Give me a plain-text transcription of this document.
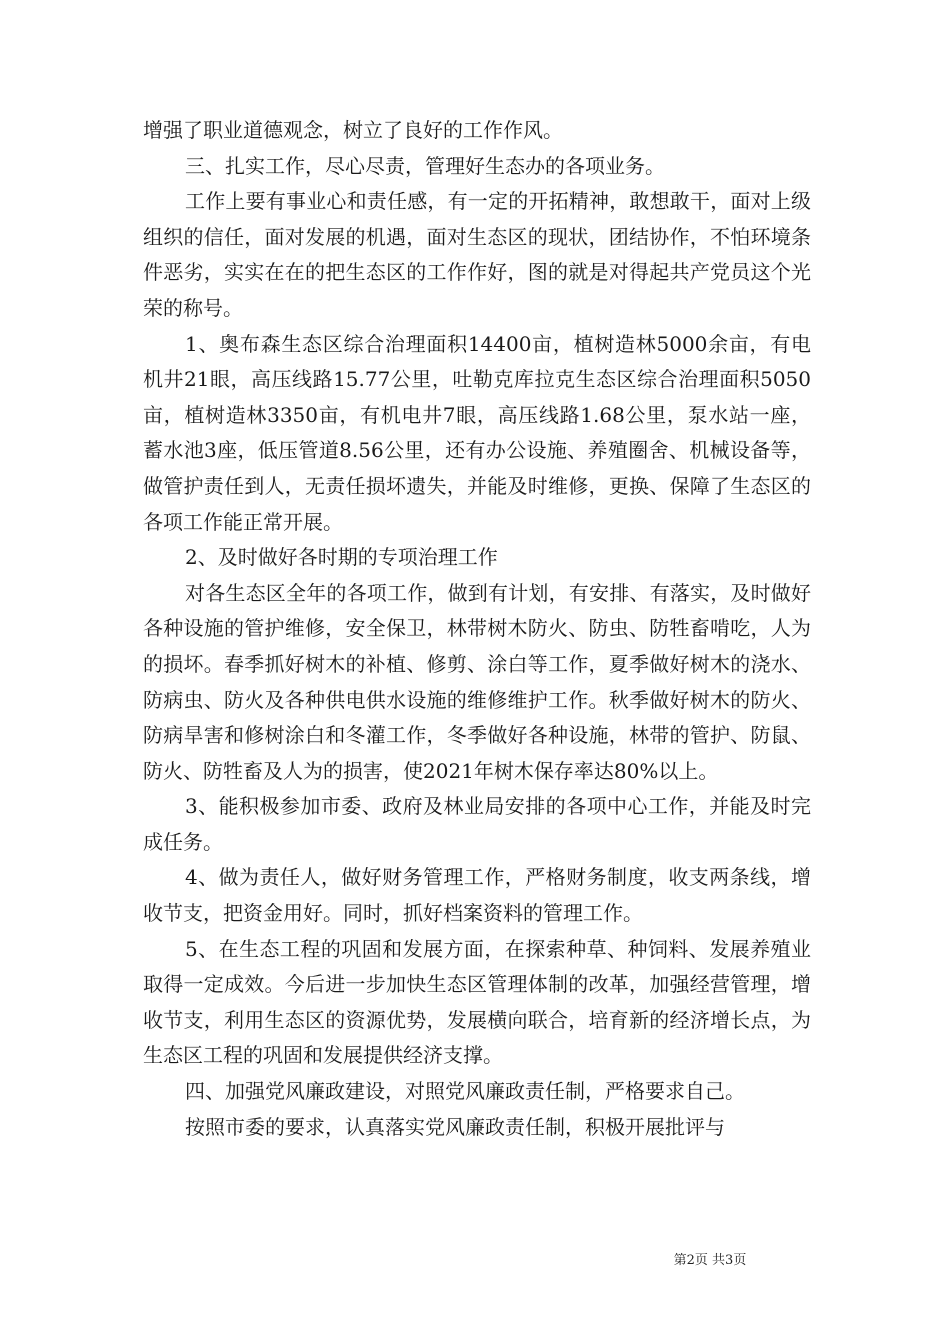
增强了职业道德观念，树立了良好的工作作风。

三、扎实工作，尽心尽责，管理好生态办的各项业务。

工作上要有事业心和责任感，有一定的开拓精神，敢想敢干，面对上级组织的信任，面对发展的机遇，面对生态区的现状，团结协作，不怕环境条件恶劣，实实在在的把生态区的工作作好，图的就是对得起共产党员这个光荣的称号。

1、奥布森生态区综合治理面积14400亩，植树造林5000余亩，有电机井21眼，高压线路15.77公里，吐勒克库拉克生态区综合治理面积5050亩，植树造林3350亩，有机电井7眼，高压线路1.68公里，泵水站一座，蓄水池3座，低压管道8.56公里，还有办公设施、养殖圈舍、机械设备等，做管护责任到人，无责任损坏遗失，并能及时维修，更换、保障了生态区的各项工作能正常开展。

2、及时做好各时期的专项治理工作

对各生态区全年的各项工作，做到有计划，有安排、有落实，及时做好各种设施的管护维修，安全保卫，林带树木防火、防虫、防牲畜啃吃，人为的损坏。春季抓好树木的补植、修剪、涂白等工作，夏季做好树木的浇水、防病虫、防火及各种供电供水设施的维修维护工作。秋季做好树木的防火、防病旱害和修树涂白和冬灌工作，冬季做好各种设施，林带的管护、防鼠、防火、防牲畜及人为的损害，使2021年树木保存率达80%以上。

3、能积极参加市委、政府及林业局安排的各项中心工作，并能及时完成任务。

4、做为责任人，做好财务管理工作，严格财务制度，收支两条线，增收节支，把资金用好。同时，抓好档案资料的管理工作。

5、在生态工程的巩固和发展方面，在探索种草、种饲料、发展养殖业取得一定成效。今后进一步加快生态区管理体制的改革，加强经营管理，增收节支，利用生态区的资源优势，发展横向联合，培育新的经济增长点，为生态区工程的巩固和发展提供经济支撑。

四、加强党风廉政建设，对照党风廉政责任制，严格要求自己。

按照市委的要求，认真落实党风廉政责任制，积极开展批评与

第2页 共3页
